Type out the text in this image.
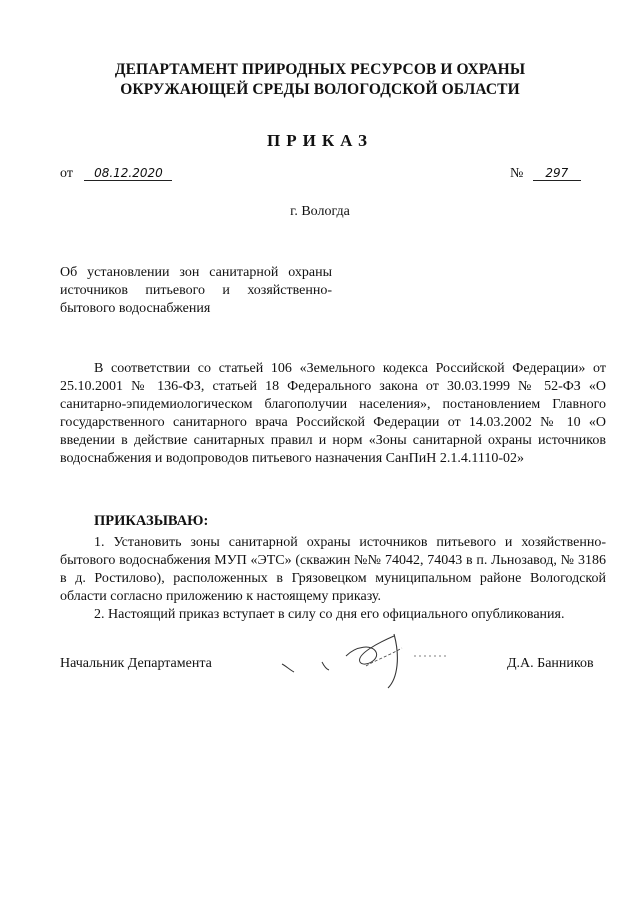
ДЕПАРТАМЕНТ ПРИРОДНЫХ РЕСУРСОВ И ОХРАНЫ
ОКРУЖАЮЩЕЙ СРЕДЫ ВОЛОГОДСКОЙ ОБЛАСТИ
ПРИКАЗ
от 08.12.2020	№ 297
г. Вологда
Об установлении зон санитарной охраны источников питьевого и хозяйственно-бытового водоснабжения
В соответствии со статьей 106 «Земельного кодекса Российской Федерации» от 25.10.2001 № 136-ФЗ, статьей 18 Федерального закона от 30.03.1999 № 52-ФЗ «О санитарно-эпидемиологическом благополучии населения», постановлением Главного государственного санитарного врача Российской Федерации от 14.03.2002 № 10 «О введении в действие санитарных правил и норм «Зоны санитарной охраны источников водоснабжения и водопроводов питьевого назначения СанПиН 2.1.4.1110-02»
ПРИКАЗЫВАЮ:

1. Установить зоны санитарной охраны источников питьевого и хозяйственно-бытового водоснабжения МУП «ЭТС» (скважин №№ 74042, 74043 в п. Льнозавод, № 3186 в д. Ростилово), расположенных в Грязовецком муниципальном районе Вологодской области согласно приложению к настоящему приказу.

2. Настоящий приказ вступает в силу со дня его официального опубликования.

Начальник Департамента	Д.А. Банников
